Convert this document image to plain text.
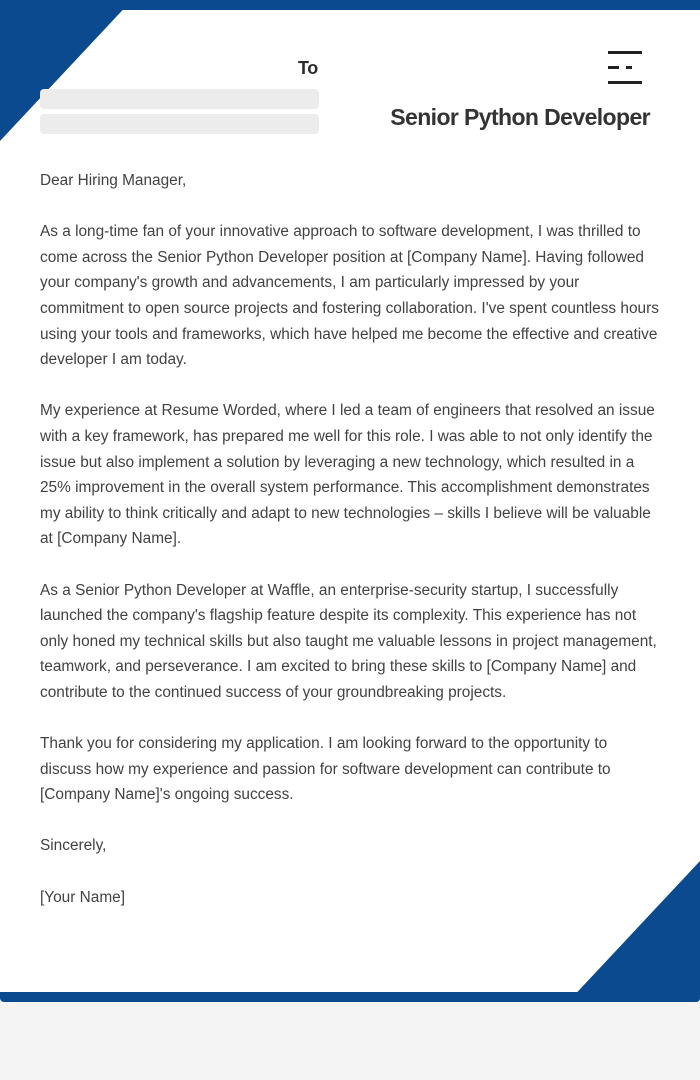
To
Senior Python Developer

Dear Hiring Manager,

As a long-time fan of your innovative approach to software development, I was thrilled to come across the Senior Python Developer position at [Company Name]. Having followed your company's growth and advancements, I am particularly impressed by your commitment to open source projects and fostering collaboration. I've spent countless hours using your tools and frameworks, which have helped me become the effective and creative developer I am today.

My experience at Resume Worded, where I led a team of engineers that resolved an issue with a key framework, has prepared me well for this role. I was able to not only identify the issue but also implement a solution by leveraging a new technology, which resulted in a 25% improvement in the overall system performance. This accomplishment demonstrates my ability to think critically and adapt to new technologies – skills I believe will be valuable at [Company Name].

As a Senior Python Developer at Waffle, an enterprise-security startup, I successfully launched the company's flagship feature despite its complexity. This experience has not only honed my technical skills but also taught me valuable lessons in project management, teamwork, and perseverance. I am excited to bring these skills to [Company Name] and contribute to the continued success of your groundbreaking projects.

Thank you for considering my application. I am looking forward to the opportunity to discuss how my experience and passion for software development can contribute to [Company Name]'s ongoing success.

Sincerely,

[Your Name]
